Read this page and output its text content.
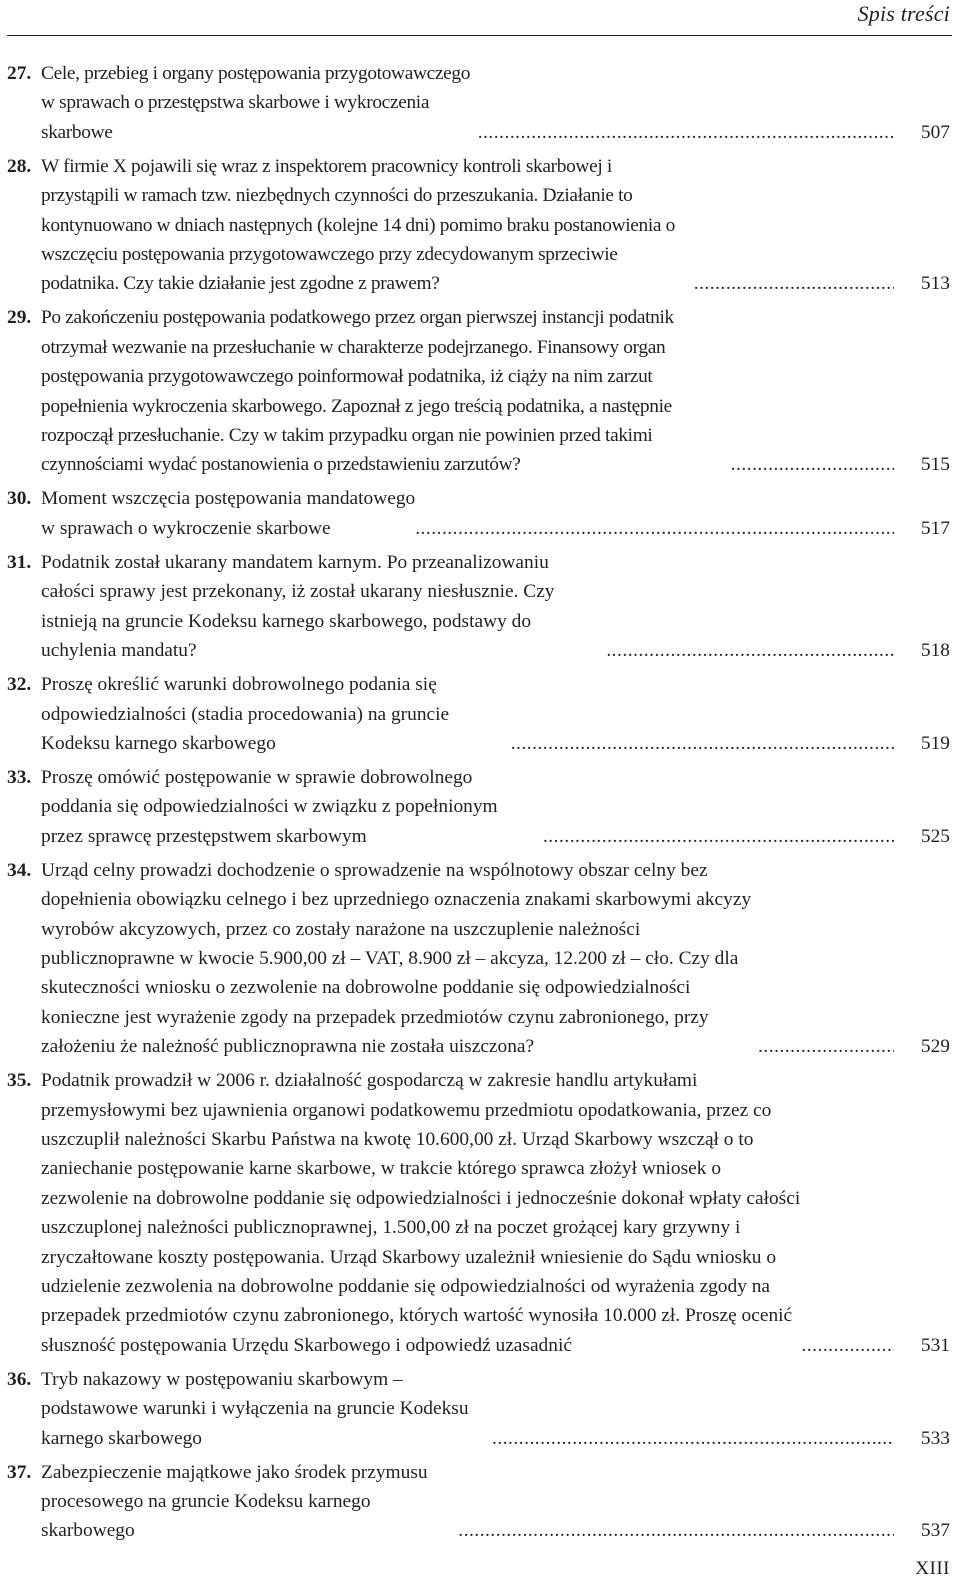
Spis treści
27. Cele, przebieg i organy postępowania przygotowawczego w sprawach o przestępstwa skarbowe i wykroczenia skarbowe .....	507
28. W firmie X pojawili się wraz z inspektorem pracownicy kontroli skarbowej i przystąpili w ramach tzw. niezbędnych czynności do przeszukania. Działanie to kontynuowano w dniach następnych (kolejne 14 dni) pomimo braku postanowienia o wszczęciu postępowania przygotowawczego przy zdecydowanym sprzeciwie podatnika. Czy takie działanie jest zgodne z prawem? .....	513
29. Po zakończeniu postępowania podatkowego przez organ pierwszej instancji podatnik otrzymał wezwanie na przesłuchanie w charakterze podejrzanego. Finansowy organ postępowania przygotowawczego poinformował podatnika, iż ciąży na nim zarzut popełnienia wykroczenia skarbowego. Zapoznał z jego treścią podatnika, a następnie rozpoczął przesłuchanie. Czy w takim przypadku organ nie powinien przed takimi czynnościami wydać postanowienia o przedstawieniu zarzutów? .....	515
30. Moment wszczęcia postępowania mandatowego w sprawach o wykroczenie skarbowe .....	517
31. Podatnik został ukarany mandatem karnym. Po przeanalizowaniu całości sprawy jest przekonany, iż został ukarany niesłusznie. Czy istnieją na gruncie Kodeksu karnego skarbowego, podstawy do uchylenia mandatu? .....	518
32. Proszę określić warunki dobrowolnego podania się odpowiedzialności (stadia procedowania) na gruncie Kodeksu karnego skarbowego .....	519
33. Proszę omówić postępowanie w sprawie dobrowolnego poddania się odpowiedzialności w związku z popełnionym przez sprawcę przestępstwem skarbowym .....	525
34. Urząd celny prowadzi dochodzenie o sprowadzenie na wspólnotowy obszar celny bez dopełnienia obowiązku celnego i bez uprzedniego oznaczenia znakami skarbowymi akcyzy wyrobów akcyzowych, przez co zostały narażone na uszczuplenie należności publicznoprawne w kwocie 5.900,00 zł – VAT, 8.900 zł – akcyza, 12.200 zł – cło. Czy dla skuteczności wniosku o zezwolenie na dobrowolne poddanie się odpowiedzialności konieczne jest wyrażenie zgody na przepadek przedmiotów czynu zabronionego, przy założeniu że należność publicznoprawna nie została uiszczona? .....	529
35. Podatnik prowadził w 2006 r. działalność gospodarczą w zakresie handlu artykułami przemysłowymi bez ujawnienia organowi podatkowemu przedmiotu opodatkowania, przez co uszczuplił należności Skarbu Państwa na kwotę 10.600,00 zł. Urząd Skarbowy wszczął o to zaniechanie postępowanie karne skarbowe, w trakcie którego sprawca złożył wniosek o zezwolenie na dobrowolne poddanie się odpowiedzialności i jednocześnie dokonał wpłaty całości uszczuplonej należności publicznoprawnej, 1.500,00 zł na poczet grożącej kary grzywny i zryczałtowane koszty postępowania. Urząd Skarbowy uzależnił wniesienie do Sądu wniosku o udzielenie zezwolenia na dobrowolne poddanie się odpowiedzialności od wyrażenia zgody na przepadek przedmiotów czynu zabronionego, których wartość wynosiła 10.000 zł. Proszę ocenić słuszność postępowania Urzędu Skarbowego i odpowiedź uzasadnić .....	531
36. Tryb nakazowy w postępowaniu skarbowym – podstawowe warunki i wyłączenia na gruncie Kodeksu karnego skarbowego .....	533
37. Zabezpieczenie majątkowe jako środek przymusu procesowego na gruncie Kodeksu karnego skarbowego .....	537
XIII
